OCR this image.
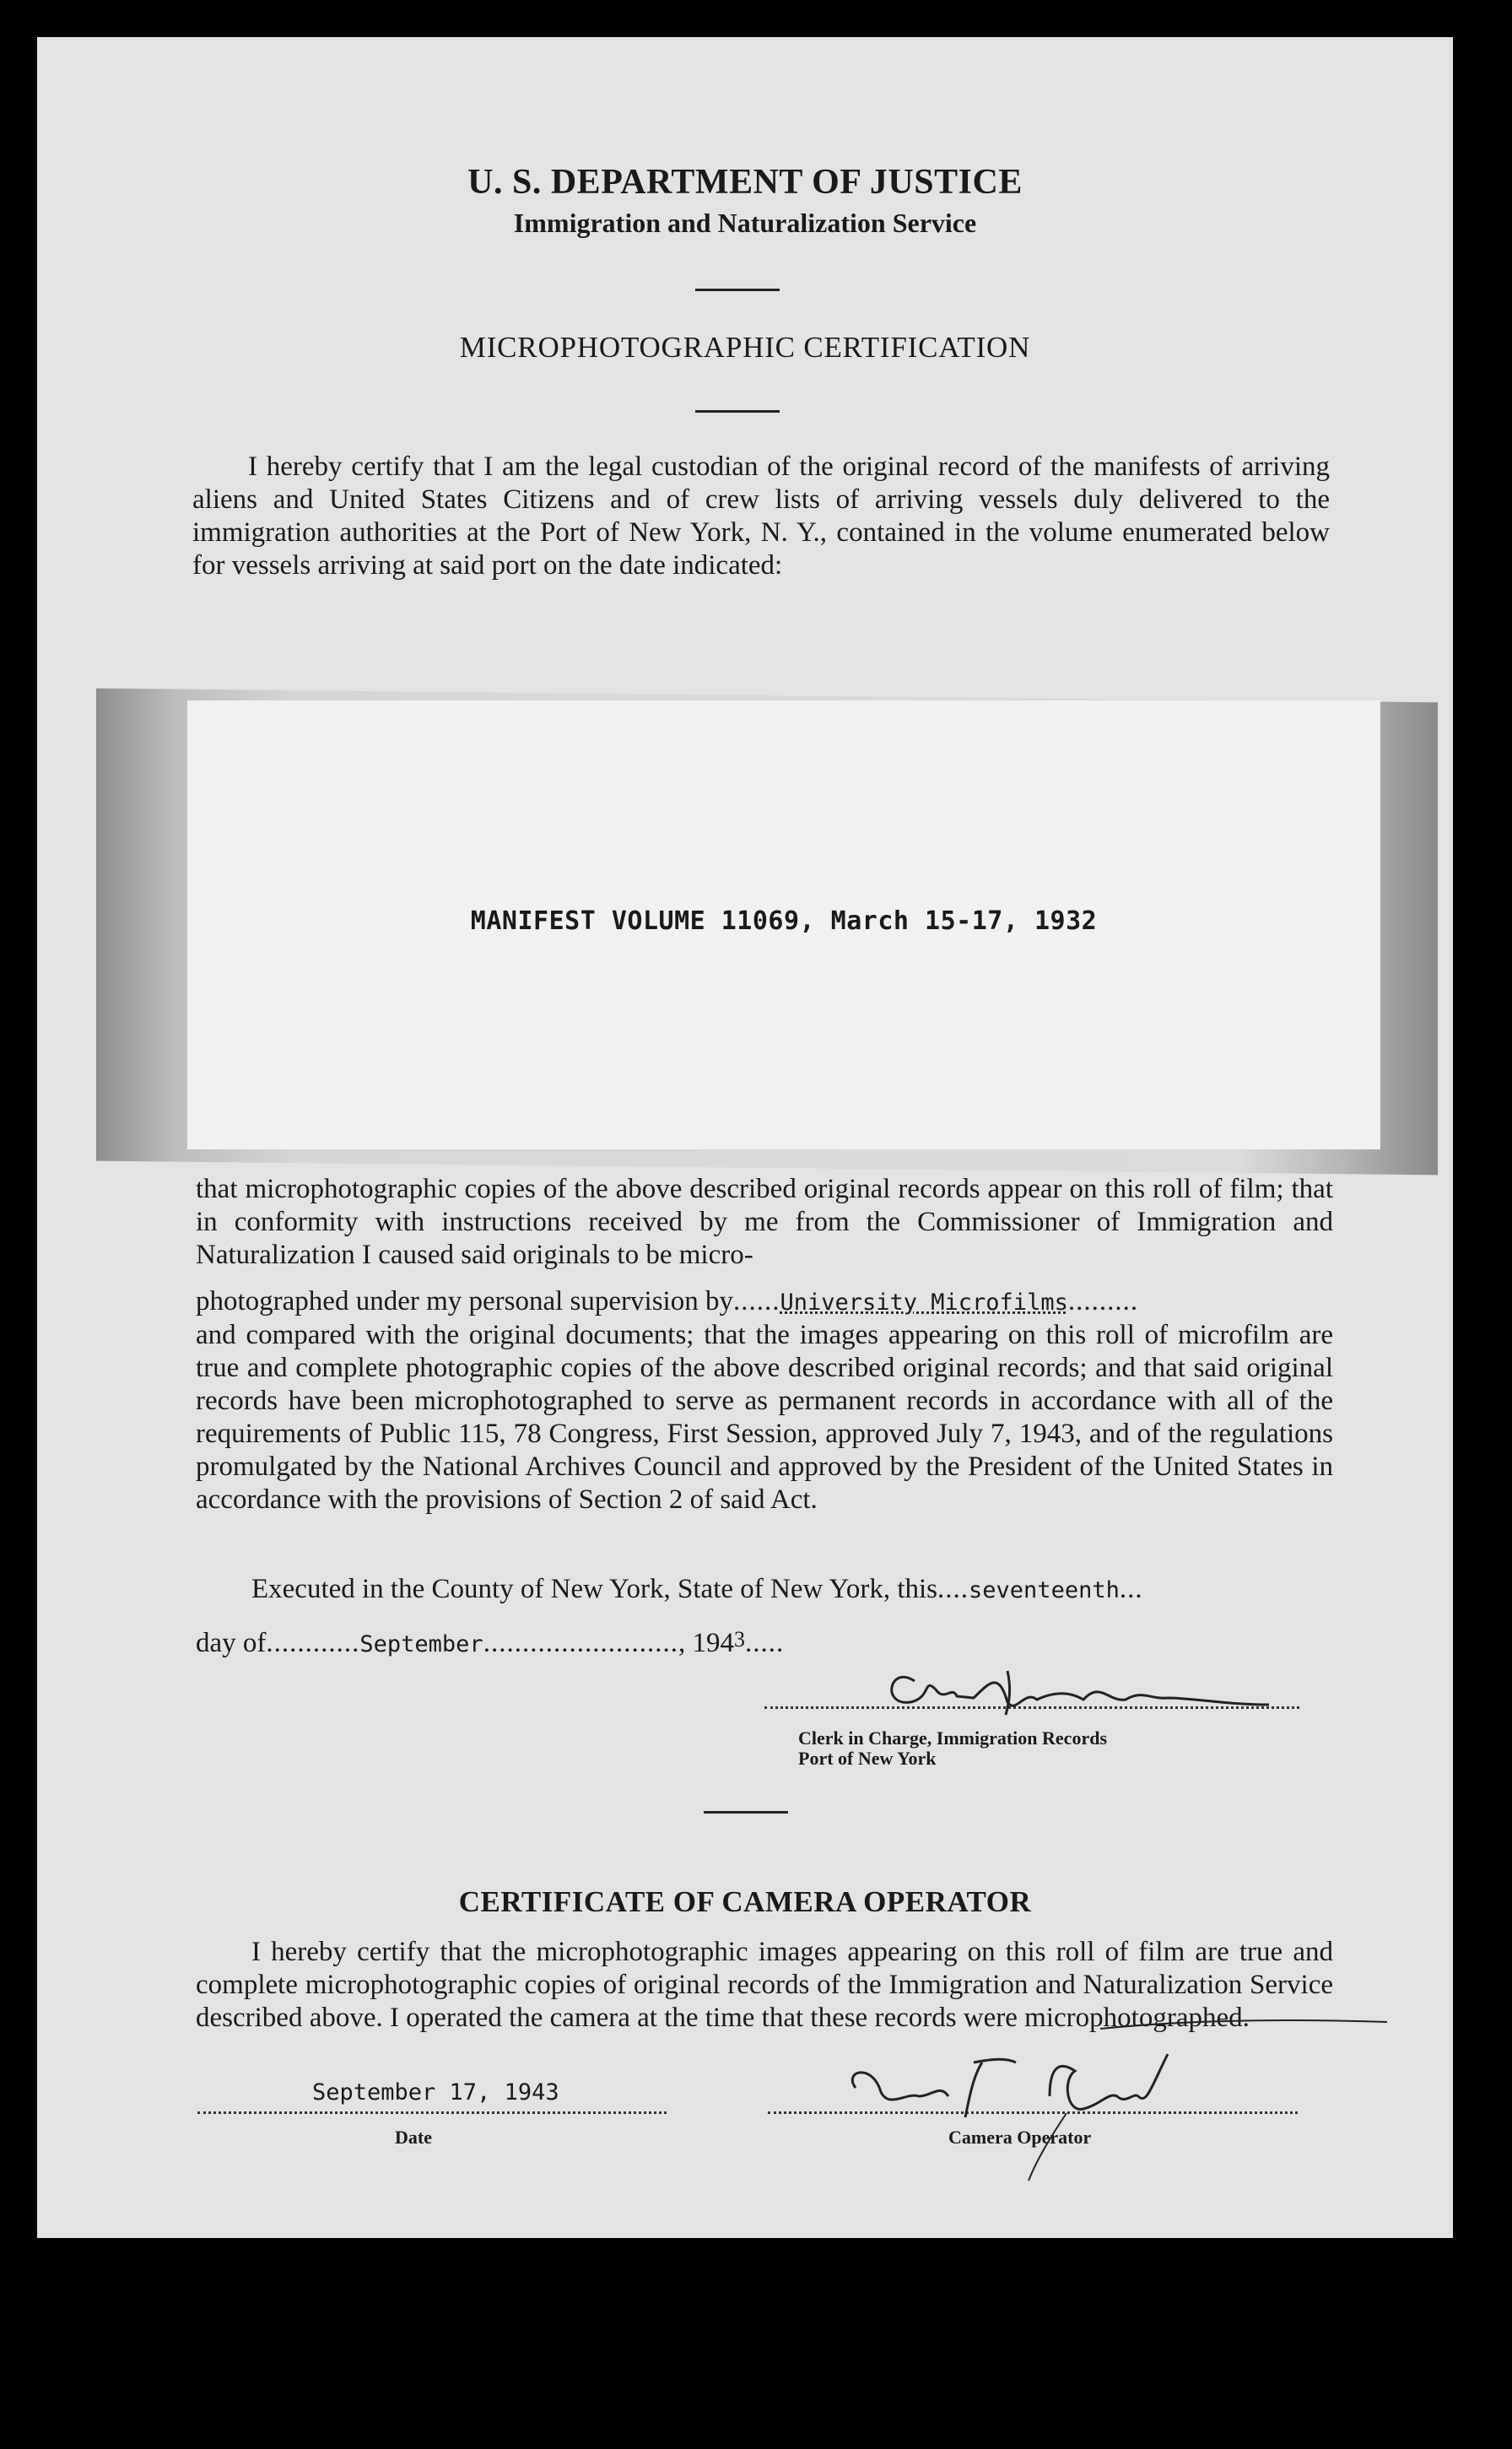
U. S. DEPARTMENT OF JUSTICE
Immigration and Naturalization Service
MICROPHOTOGRAPHIC CERTIFICATION

I hereby certify that I am the legal custodian of the original record of the manifests of arriving aliens and United States Citizens and of crew lists of arriving vessels duly delivered to the immigration authorities at the Port of New York, N. Y., contained in the volume enumerated below for vessels arriving at said port on the date indicated:

MANIFEST VOLUME 11069, March 15-17, 1932

that microphotographic copies of the above described original records appear on this roll of film; that in conformity with instructions received by me from the Commissioner of Immigration and Naturalization I caused said originals to be micro-

photographed under my personal supervision by......University Microfilms.........

and compared with the original documents; that the images appearing on this roll of microfilm are true and complete photographic copies of the above described original records; and that said original records have been microphotographed to serve as permanent records in accordance with all of the requirements of Public 115, 78 Congress, First Session, approved July 7, 1943, and of the regulations promulgated by the National Archives Council and approved by the President of the United States in accordance with the provisions of Section 2 of said Act.

Executed in the County of New York, State of New York, this....seventeenth...

day of............September........................., 1943.....

Clerk in Charge, Immigration Records
Port of New York
CERTIFICATE OF CAMERA OPERATOR

I hereby certify that the microphotographic images appearing on this roll of film are true and complete microphotographic copies of original records of the Immigration and Naturalization Service described above. I operated the camera at the time that these records were microphotographed.

September 17, 1943
Date	Camera Operator
